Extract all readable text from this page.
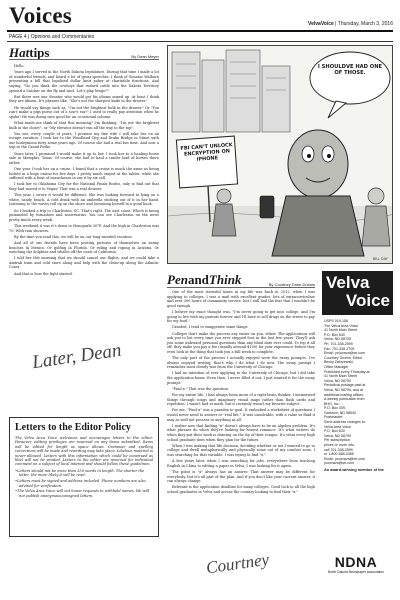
Voices	VelvaVoice | Thursday, March 3, 2016
PAGE 4 | Opinions and Commentaries
Hattips	By Dean Meyer

Hello,

Years ago I served in the North Dakota legislature. During that time I made a lot of wonderful friends, and heard a lot of great speeches. I think of Senator Walborn presenting a bill that legalized dollar limit poker at charitable functions. And saying, "Do you think the cowboys that rushed cattle into the Dakota Territory opened a Snicker on the fly and said, 'Let's play bingo?'"

But there was one Senator who would get his idioms mixed up. At least I think they are idioms. It's phrases like, "She's not the sharpest knife in the drawer."

He would say things such as, "I'm not the brightest bulb in the drawer." Or "You can't make a pigs purse out of a sow's ear!" I used to really pay attention when he spoke! He was doing sure good for an occasional column.

What made me think of that this morning? I'm thinking, "I'm not the brightest bulb in the closet", or "My elevator doesn't run all the way to the top".

You see, every couple of years, I promise my fine wife I will take her on an escape vacation. I took her to the Woodland City and Drake Bridge in Minot with our honeymoon forty some years ago. Of course she had a real fun time. And now a trip to the Grand Forks.

Years later, I promised I would make it up to her. I took her to a hauling horse sale in Memphis, Texas. Of course, she had to haul a trailer load of horses there either.

One year I took her on a cruise. I found that a cruise is much the same as being locked in a huge casino for five days. I pretty much stayed at the tables, while she suffered with a bout of seasickness in our 6 by six cell.

I took her to Oklahoma City for the National Finals Rodeo, only to find out that they had moved it to Vegas! That was a real downer.

This year, I swore it would be different. She was looking forward to lying on a white, sandy beach. A cold drink with an umbrella sticking out of it in her hand. Listening to the waves roll up on the shore and loosening herself in a good book.

So I booked a trip to Charleston, SC. That's right. The east coast. Which is being pummeled by tornadoes and snowstorms. You can see Charleston on the news pretty much every week.

This weekend it was it's down to Honoparle 30°F. And the high in Charleston was 70. With rain showers.

By the time you read this, we will be on our long-awaited vacation.

And all of our friends have been posting pictures of themselves on sunny beaches in Mexico. Or golfing in Florida. Or riding and roping in Arizona. Or watching the dolphins and whales off the coast of California.

I told her this morning that we should cancel our flights, and we could take a Amtrak train and cold store along and help with the clean-up along the Atlantic Coast.

And that is how the fight started.

Later, Dean
Letters to the Editor Policy

The Velva Area Voice welcomes and encourages letters to the editor. However, editing privileges are reserved on any items submitted. Items will be edited for length as space allows. Grammar and spelling corrections will be made and rewriting may take place. Libelous material is never allowed. Letters with this information which could be construed as libel will not be printed. Letters to the editor are reserved for individual comment on a subject of local interest and should follow these guidelines:

• Letters should not be more than 350 words in length. The shorter the letter, the more likely it will be read.
• Letters must be signed and address included. Phone numbers are also advised for verification.
• The Velva Area Voice will not honor requests to withhold names. We will not publish anonymous/unsigned letters.
I SHOULDVE HAD ONE OF THOSE.
FBI CAN'T UNLOCK ENCRYPTION ON iPHONE
BILL DAY
PenandThink	By Courtney Duke-Dubois

One of the most stressful times in my life was back in 2012, when I was applying to colleges. I was a mail with excellent grades, lots of extracurriculars and over 300 hours of community service, but I still had the fear that I wouldn't be good enough.

I believe my exact thought was, "I'm never going to get into college, and I'm going to live with my parents forever and I'll have to sell drugs on the street to pay for my food."

Granted, I tend to exaggerate some things.

Colleges don't make the process any easier on you, either. The applications will ask you to list every time you ever stepped foot in the last few years. They'll ask you some awkward personal questions than any blind date ever could. To top it all off, they make you pay a fee (usually around $100) for your experience before they even look at the thing that took you a full week to complete.

The only part of the process I actually enjoyed were the essay prompts. I've always enjoyed writing; that's why I do what I do now. The essay prompt I remember most clearly was from the University of Chicago.

I had no intention of ever applying to the University of Chicago, but I did take the application home. Even then, I never filled it out. I just wanted it for the essay prompt.

"Find x." That was the question.

For my entire life, I had always been more of a right-brain thinker. I memorized things through songs and imaginary visual maps rather than flash cards and repetition. I wasn't bad at math, but it certainly wasn't my favorite subject.

For me, "Find x" was a paradox to goal. It embodied a worksheet of questions I would never need to answer or "real life." It was unsolvable, with a value so fluid it may as well not possess to anything at all.

I realize now that finding "x" doesn't always have to be an algebra problem. It's what phrases do when they're looking for honest romance. It's what writers do when they put their work is dancing on the tip of their tongue. It's what every high school graduate does when they plan for the future.

When I was making that life decision, deciding whether or not I wanted to go to college and dwell metaphorically and physically some out of my comfort zone, I was searching for that variable. I was trying to find "x."

A few years later, when I was searching for jobs, everywhere from teaching English in China to editing a paper in Velva, I was looking for it again.

The point is "x" always has an answer. That answer may be different for everybody, but it's all part of the plan. And if you don't like your current answer, it can always change.

Relevant is the application deadline for many colleges. Good luck to all the high school graduates in Velva and across the country looking to find their "x."

Courtney
Velva
Voice
USPS 019-156
The Velva Area Voice
41 North Main Street
P.O. Box 630
Velva, ND 58790
Ph: 701-338-2599
Fax: 701-338-2705
Email: yourvava@srt.com
Courtney Givens, Editor
Becky Zakrzewski,
Office Manager
Published every Thursday at
41 North Main Street
Velva, ND 58790
Periodical postage paid at
Velva, ND 58790, and at
additional mailing offices.
A weekly publication from
BHG, Inc.
P.O. Box 309,
Garrison, ND 58540
Postmaster:
Send address changes to:
Velva Area Voice
P.O. Box 630
Velva, ND 58790
Per subscription
prices or more info,
call 701-338-2599
or 1-800-658-3485
Email: yourvava@srt.com
yourvava@srt.com
An award-winning member of the
NDNA
North Dakota Newspaper Association
